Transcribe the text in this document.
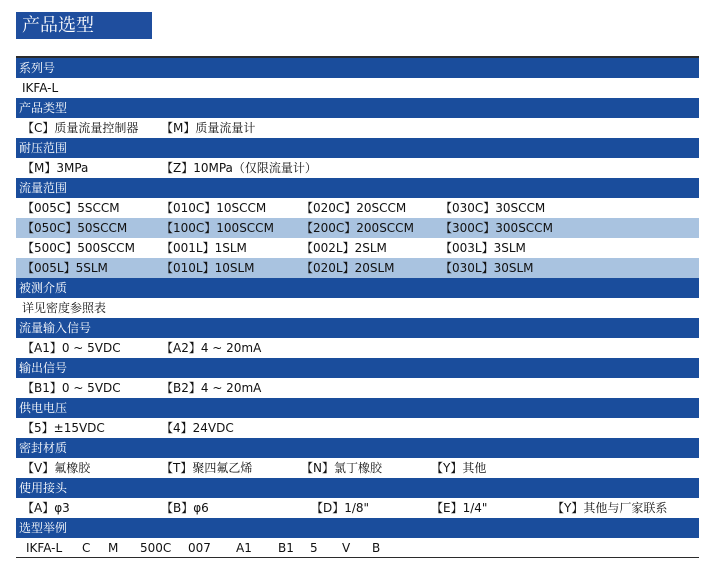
产品选型
系列号
IKFA-L
产品类型
【C】质量流量控制器 【M】质量流量计
耐压范围
【M】3MPa	【Z】10MPa（仅限流量计）
流量范围
【005C】5SCCM	【010C】10SCCM	【020C】20SCCM	【030C】30SCCM
【050C】50SCCM	【100C】100SCCM 【200C】200SCCM 【300C】300SCCM
【500C】500SCCM 【001L】1SLM	【002L】2SLM	【003L】3SLM
【005L】5SLM	【010L】10SLM	【020L】20SLM	【030L】30SLM
被测介质
详见密度参照表
流量输入信号
【A1】0 ~ 5VDC	【A2】4 ~ 20mA
输出信号
【B1】0 ~ 5VDC	【B2】4 ~ 20mA
供电电压
【5】±15VDC	【4】24VDC
密封材质
【V】氟橡胶	【T】聚四氟乙烯	【N】氯丁橡胶	【Y】其他
使用接头
【A】φ3	【B】φ6	【D】1/8"	【E】1/4"	【Y】其他与厂家联系
选型举例
IKFA-L C M 500C 007 A1 B1 5 V B
